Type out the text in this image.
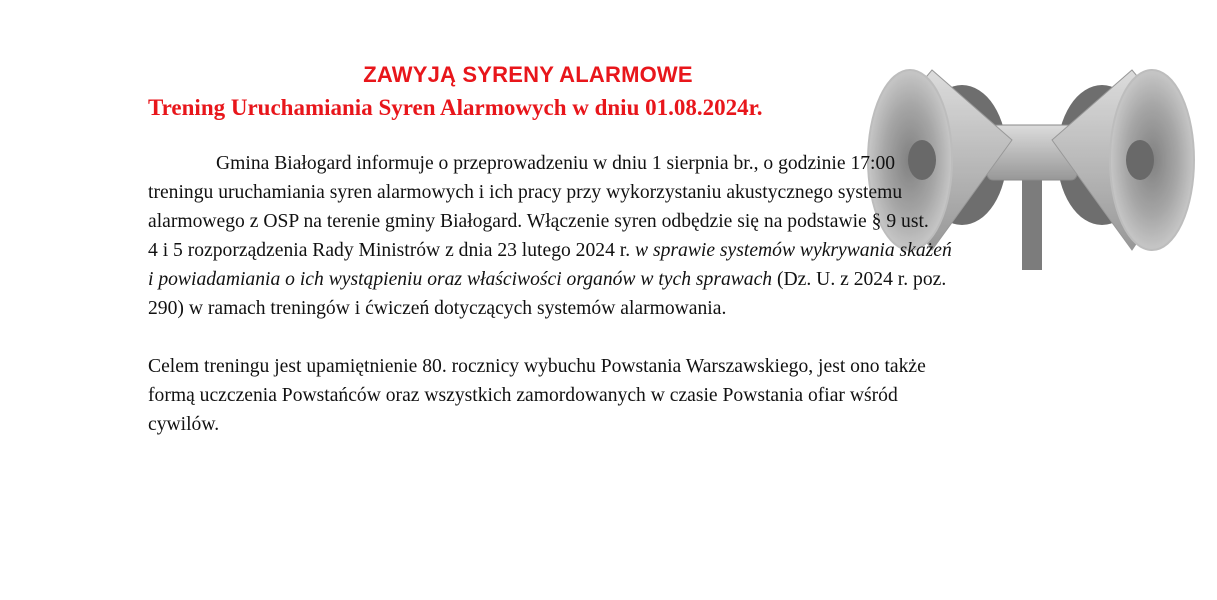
ZAWYJĄ SYRENY ALARMOWE
Trening Uruchamiania Syren Alarmowych w dniu 01.08.2024r.
Gmina Białogard informuje o przeprowadzeniu w dniu 1 sierpnia br., o godzinie 17:00
treningu uruchamiania syren alarmowych i ich pracy przy wykorzystaniu akustycznego systemu
alarmowego z OSP na terenie gminy Białogard. Włączenie syren odbędzie się na podstawie § 9 ust.
4 i 5 rozporządzenia Rady Ministrów z dnia 23 lutego 2024 r. w sprawie systemów wykrywania skażeń
i powiadamiania o ich wystąpieniu oraz właściwości organów w tych sprawach (Dz. U. z 2024 r. poz.
290) w ramach treningów i ćwiczeń dotyczących systemów alarmowania.
Celem treningu jest upamiętnienie 80. rocznicy wybuchu Powstania Warszawskiego, jest ono także
formą uczczenia Powstańców oraz wszystkich zamordowanych w czasie Powstania ofiar wśród
cywilów.
